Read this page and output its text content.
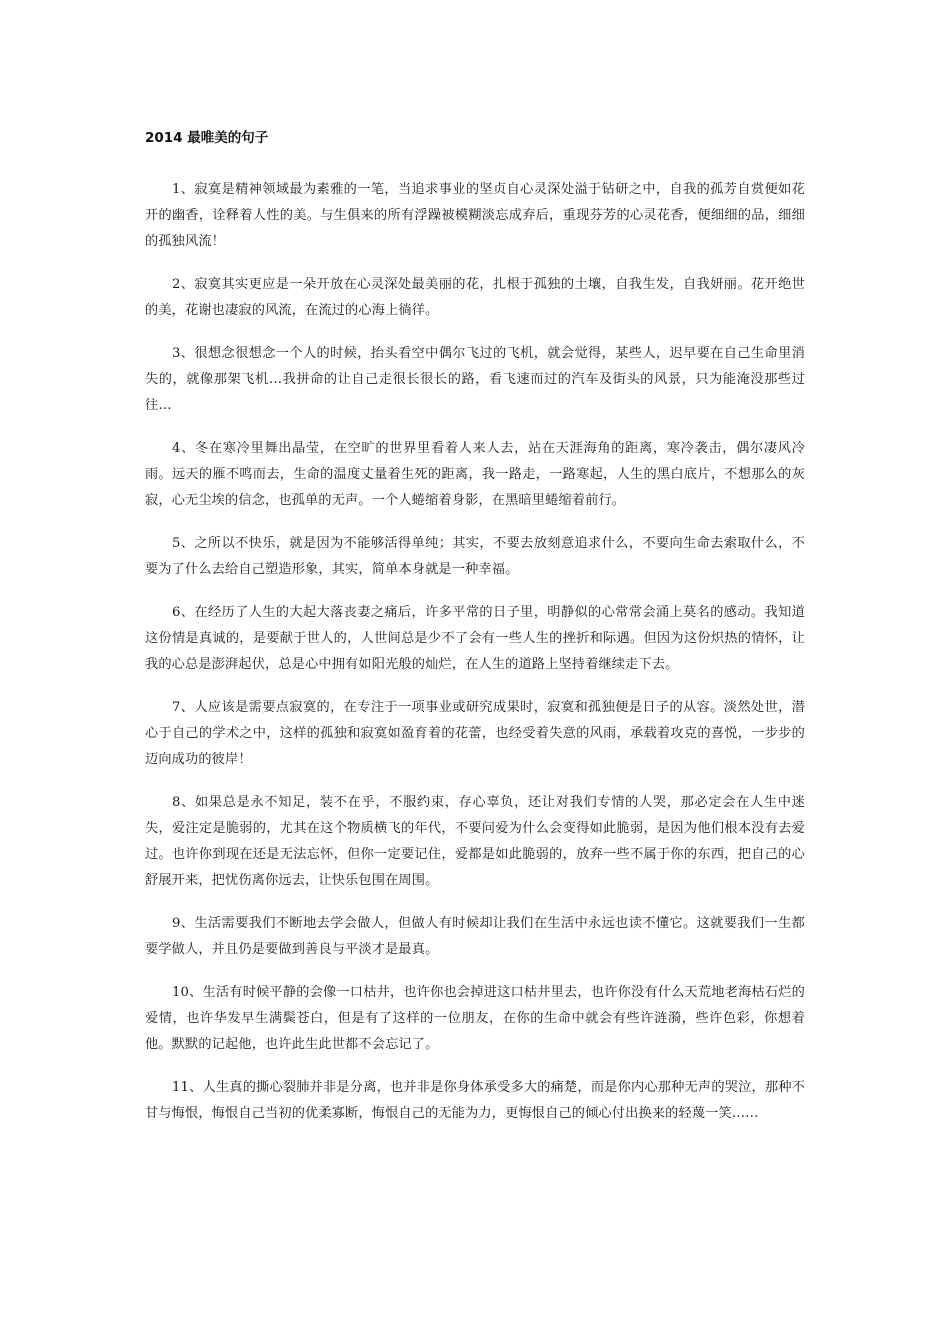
2014 最唯美的句子

1、寂寞是精神领域最为素雅的一笔，当追求事业的坚贞自心灵深处溢于钻研之中，自我的孤芳自赏便如花开的幽香，诠释着人性的美。与生俱来的所有浮躁被模糊淡忘成弃后，重现芬芳的心灵花香，便细细的品，细细的孤独风流！

2、寂寞其实更应是一朵开放在心灵深处最美丽的花，扎根于孤独的土壤，自我生发，自我妍丽。花开绝世的美，花谢也凄寂的风流，在流过的心海上徜徉。

3、很想念很想念一个人的时候，抬头看空中偶尔飞过的飞机，就会觉得，某些人，迟早要在自己生命里消失的，就像那架飞机…我拼命的让自己走很长很长的路，看飞速而过的汽车及街头的风景，只为能淹没那些过往…

4、冬在寒冷里舞出晶莹，在空旷的世界里看着人来人去，站在天涯海角的距离，寒冷袭击，偶尔凄风冷雨。远天的雁不鸣而去，生命的温度丈量着生死的距离，我一路走，一路寒起，人生的黑白底片，不想那么的灰寂，心无尘埃的信念，也孤单的无声。一个人蜷缩着身影，在黑暗里蜷缩着前行。

5、之所以不快乐，就是因为不能够活得单纯；其实，不要去放刻意追求什么，不要向生命去索取什么，不要为了什么去给自己塑造形象，其实，简单本身就是一种幸福。

6、在经历了人生的大起大落丧妻之痛后，许多平常的日子里，明静似的心常常会涌上莫名的感动。我知道这份情是真诚的，是要献于世人的，人世间总是少不了会有一些人生的挫折和际遇。但因为这份炽热的情怀，让我的心总是澎湃起伏，总是心中拥有如阳光般的灿烂，在人生的道路上坚持着继续走下去。

7、人应该是需要点寂寞的，在专注于一项事业或研究成果时，寂寞和孤独便是日子的从容。淡然处世，潜心于自己的学术之中，这样的孤独和寂寞如盈育着的花蕾，也经受着失意的风雨，承载着攻克的喜悦，一步步的迈向成功的彼岸！

8、如果总是永不知足，装不在乎，不服约束，存心辜负，还让对我们专情的人哭，那必定会在人生中迷失，爱注定是脆弱的，尤其在这个物质横飞的年代，不要问爱为什么会变得如此脆弱，是因为他们根本没有去爱过。也许你到现在还是无法忘怀，但你一定要记住，爱都是如此脆弱的，放弃一些不属于你的东西，把自己的心舒展开来，把忧伤离你远去，让快乐包围在周围。

9、生活需要我们不断地去学会做人，但做人有时候却让我们在生活中永远也读不懂它。这就要我们一生都要学做人，并且仍是要做到善良与平淡才是最真。

10、生活有时候平静的会像一口枯井，也许你也会掉进这口枯井里去，也许你没有什么天荒地老海枯石烂的爱情，也许华发早生满鬓苍白，但是有了这样的一位朋友，在你的生命中就会有些许涟漪，些许色彩，你想着他。默默的记起他，也许此生此世都不会忘记了。

11、人生真的撕心裂肺并非是分离，也并非是你身体承受多大的痛楚，而是你内心那种无声的哭泣，那种不甘与悔恨，悔恨自己当初的优柔寡断，悔恨自己的无能为力，更悔恨自己的倾心付出换来的轻蔑一笑……
